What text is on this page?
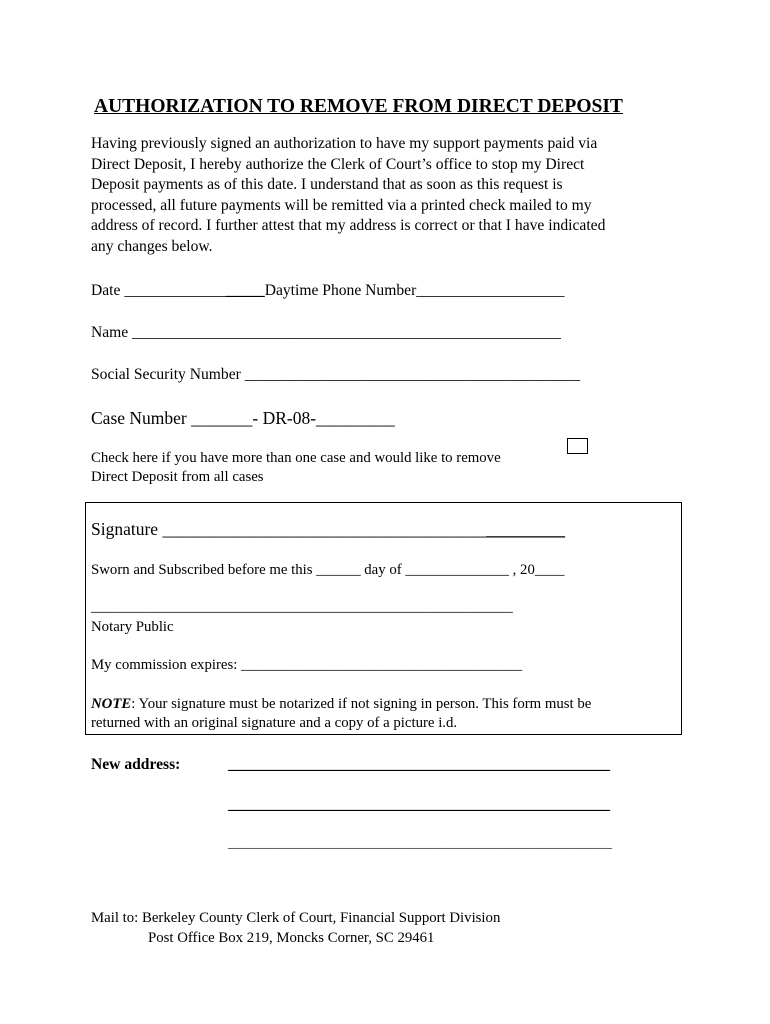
AUTHORIZATION TO REMOVE FROM DIRECT DEPOSIT
Having previously signed an authorization to have my support payments paid via
Direct Deposit, I hereby authorize the Clerk of Court’s office to stop my Direct
Deposit payments as of this date. I understand that as soon as this request is
processed, all future payments will be remitted via a printed check mailed to my
address of record. I further attest that my address is correct or that I have indicated
any changes below.
Date __________________Daytime Phone Number___________________
Name _______________________________________________________
Social Security Number ___________________________________________
Case Number _______- DR-08-_________
Check here if you have more than one case and would like to remove
Direct Deposit from all cases
Signature ______________________________________________
Sworn and Subscribed before me this ______ day of ______________ , 20____
_________________________________________________________
Notary Public
My commission expires: ______________________________________
NOTE: Your signature must be notarized if not signing in person. This form must be
returned with an original signature and a copy of a picture i.d.
New address:	_________________________________________________
_________________________________________________
_______________________________________________________________
Mail to: Berkeley County Clerk of Court, Financial Support Division
Post Office Box 219, Moncks Corner, SC 29461
